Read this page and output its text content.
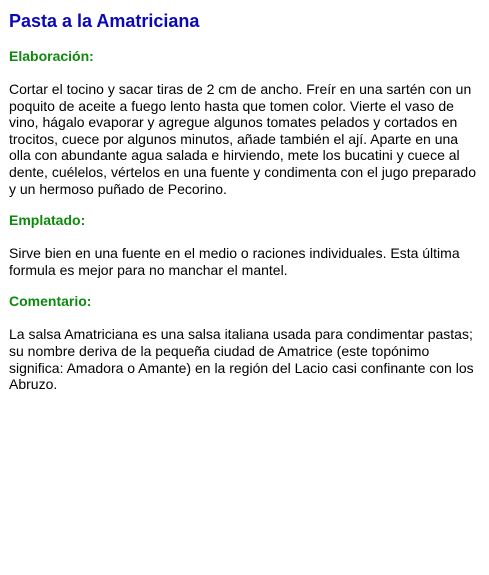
Pasta a la Amatriciana
Elaboración:

Cortar el tocino y sacar tiras de 2 cm de ancho. Freír en una sartén con un poquito de aceite a fuego lento hasta que tomen color. Vierte el vaso de vino, hágalo evaporar y agregue algunos tomates pelados y cortados en trocitos, cuece por algunos minutos, añade también el ají. Aparte en una olla con abundante agua salada e hirviendo, mete los bucatini y cuece al dente, cuélelos, vértelos en una fuente y condimenta con el jugo preparado y un hermoso puñado de Pecorino.

Emplatado:

Sirve bien en una fuente en el medio o raciones individuales. Esta última formula es mejor para no manchar el mantel.

Comentario:

La salsa Amatriciana es una salsa italiana usada para condimentar pastas; su nombre deriva de la pequeña ciudad de Amatrice (este topónimo significa: Amadora o Amante) en la región del Lacio casi confinante con los Abruzo.
